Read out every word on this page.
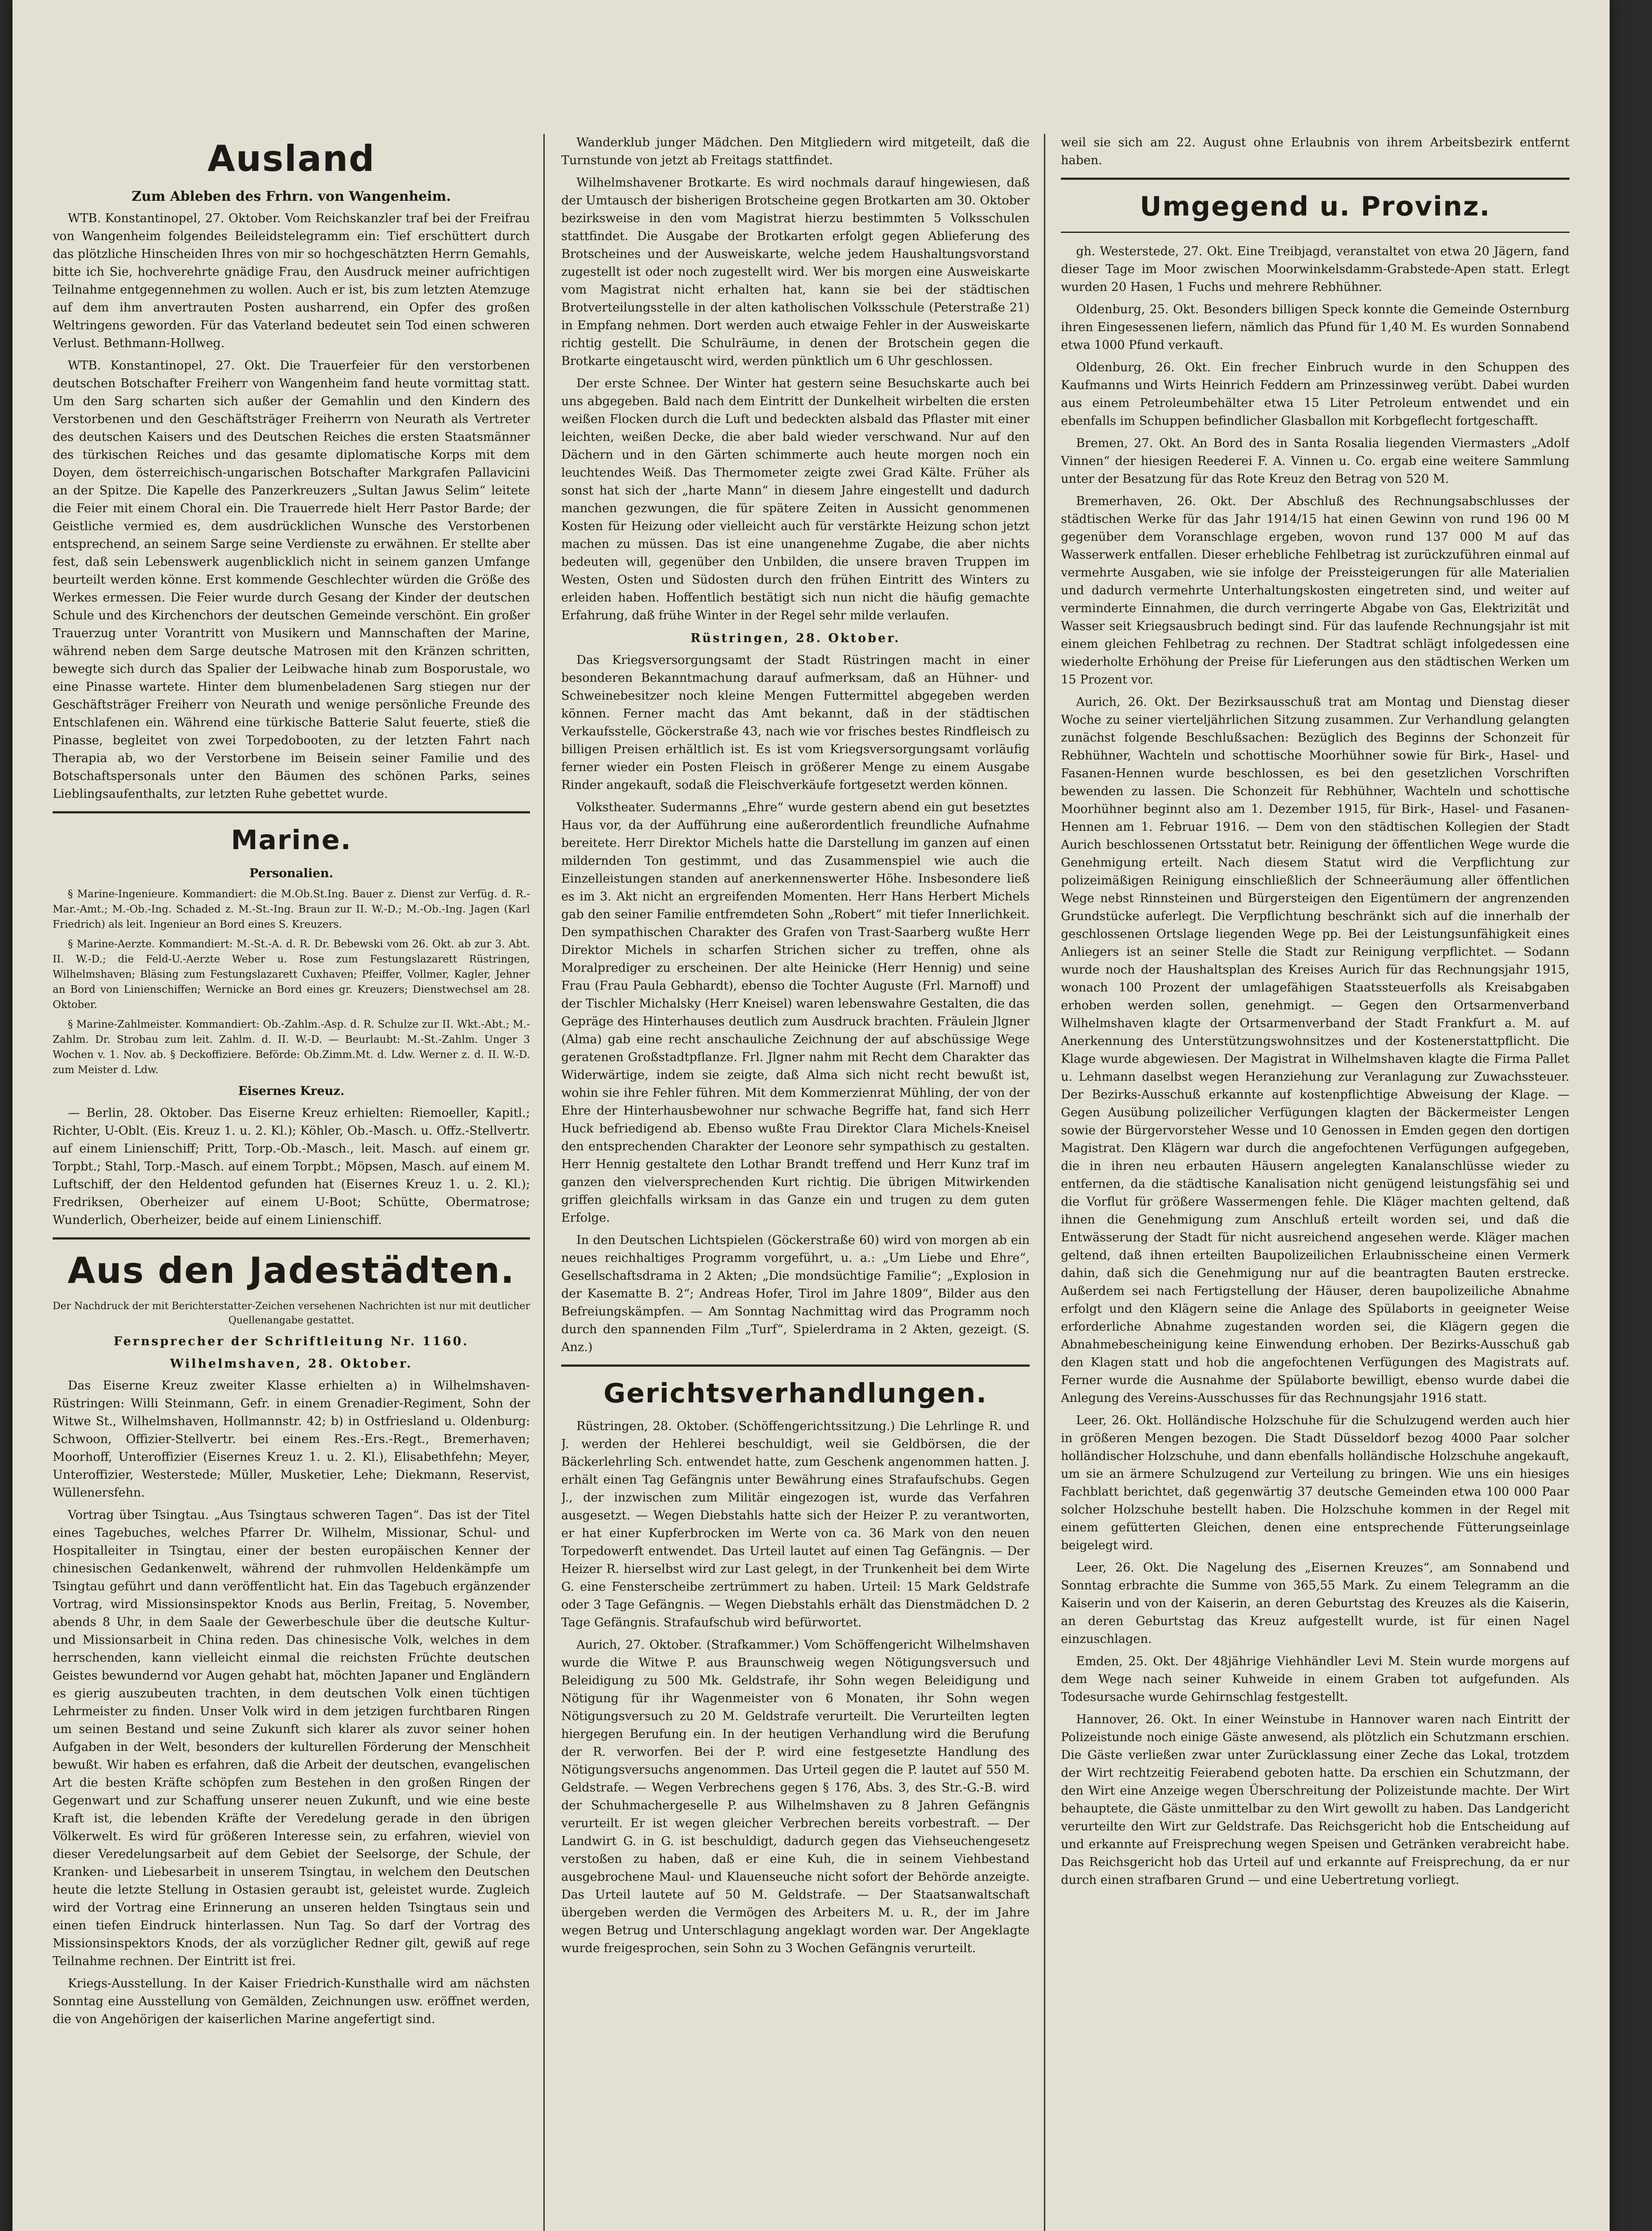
Ausland
Zum Ableben des Frhrn. von Wangenheim.

WTB. Konstantinopel, 27. Oktober. Vom Reichskanzler traf bei der Freifrau von Wangenheim folgendes Beileidstelegramm ein: Tief erschüttert durch das plötzliche Hinscheiden Ihres von mir so hochgeschätzten Herrn Gemahls, bitte ich Sie, hochverehrte gnädige Frau, den Ausdruck meiner aufrichtigen Teilnahme entgegennehmen zu wollen. Auch er ist, bis zum letzten Atemzuge auf dem ihm anvertrauten Posten ausharrend, ein Opfer des großen Weltringens geworden. Für das Vaterland bedeutet sein Tod einen schweren Verlust. Bethmann-Hollweg.

WTB. Konstantinopel, 27. Okt. Die Trauerfeier für den verstorbenen deutschen Botschafter Freiherr von Wangenheim fand heute vormittag statt. Um den Sarg scharten sich außer der Gemahlin und den Kindern des Verstorbenen und den Geschäftsträger Freiherrn von Neurath als Vertreter des deutschen Kaisers und des Deutschen Reiches die ersten Staatsmänner des türkischen Reiches und das gesamte diplomatische Korps mit dem Doyen, dem österreichisch-ungarischen Botschafter Markgrafen Pallavicini an der Spitze. Die Kapelle des Panzerkreuzers „Sultan Jawus Selim“ leitete die Feier mit einem Choral ein. Die Trauerrede hielt Herr Pastor Barde; der Geistliche vermied es, dem ausdrücklichen Wunsche des Verstorbenen entsprechend, an seinem Sarge seine Verdienste zu erwähnen. Er stellte aber fest, daß sein Lebenswerk augenblicklich nicht in seinem ganzen Umfange beurteilt werden könne. Erst kommende Geschlechter würden die Größe des Werkes ermessen. Die Feier wurde durch Gesang der Kinder der deutschen Schule und des Kirchenchors der deutschen Gemeinde verschönt. Ein großer Trauerzug unter Vorantritt von Musikern und Mannschaften der Marine, während neben dem Sarge deutsche Matrosen mit den Kränzen schritten, bewegte sich durch das Spalier der Leibwache hinab zum Bosporustale, wo eine Pinasse wartete. Hinter dem blumenbeladenen Sarg stiegen nur der Geschäftsträger Freiherr von Neurath und wenige persönliche Freunde des Entschlafenen ein. Während eine türkische Batterie Salut feuerte, stieß die Pinasse, begleitet von zwei Torpedobooten, zu der letzten Fahrt nach Therapia ab, wo der Verstorbene im Beisein seiner Familie und des Botschaftspersonals unter den Bäumen des schönen Parks, seines Lieblingsaufenthalts, zur letzten Ruhe gebettet wurde.

Marine.
Personalien.

§ Marine-Ingenieure. Kommandiert: die M.Ob.St.Ing. Bauer z. Dienst zur Verfüg. d. R.-Mar.-Amt.; M.-Ob.-Ing. Schaded z. M.-St.-Ing. Braun zur II. W.-D.; M.-Ob.-Ing. Jagen (Karl Friedrich) als leit. Ingenieur an Bord eines S. Kreuzers.

§ Marine-Aerzte. Kommandiert: M.-St.-A. d. R. Dr. Bebewski vom 26. Okt. ab zur 3. Abt. II. W.-D.; die Feld-U.-Aerzte Weber u. Rose zum Festungslazarett Rüstringen, Wilhelmshaven; Bläsing zum Festungslazarett Cuxhaven; Pfeiffer, Vollmer, Kagler, Jehner an Bord von Linienschiffen; Wernicke an Bord eines gr. Kreuzers; Dienstwechsel am 28. Oktober.

§ Marine-Zahlmeister. Kommandiert: Ob.-Zahlm.-Asp. d. R. Schulze zur II. Wkt.-Abt.; M.-Zahlm. Dr. Strobau zum leit. Zahlm. d. II. W.-D. — Beurlaubt: M.-St.-Zahlm. Unger 3 Wochen v. 1. Nov. ab. § Deckoffiziere. Beförde: Ob.Zimm.Mt. d. Ldw. Werner z. d. II. W.-D. zum Meister d. Ldw.

Eisernes Kreuz.

— Berlin, 28. Oktober. Das Eiserne Kreuz erhielten: Riemoeller, Kapitl.; Richter, U-Oblt. (Eis. Kreuz 1. u. 2. Kl.); Köhler, Ob.-Masch. u. Offz.-Stellvertr. auf einem Linienschiff; Pritt, Torp.-Ob.-Masch., leit. Masch. auf einem gr. Torpbt.; Stahl, Torp.-Masch. auf einem Torpbt.; Möpsen, Masch. auf einem M. Luftschiff, der den Heldentod gefunden hat (Eisernes Kreuz 1. u. 2. Kl.); Fredriksen, Oberheizer auf einem U-Boot; Schütte, Obermatrose; Wunderlich, Oberheizer, beide auf einem Linienschiff.

Aus den Jadestädten.
Der Nachdruck der mit Berichterstatter-Zeichen versehenen Nachrichten ist nur mit deutlicher Quellenangabe gestattet.
Fernsprecher der Schriftleitung Nr. 1160.
Wilhelmshaven, 28. Oktober.

Das Eiserne Kreuz zweiter Klasse erhielten a) in Wilhelmshaven-Rüstringen: Willi Steinmann, Gefr. in einem Grenadier-Regiment, Sohn der Witwe St., Wilhelmshaven, Hollmannstr. 42; b) in Ostfriesland u. Oldenburg: Schwoon, Offizier-Stellvertr. bei einem Res.-Ers.-Regt., Bremerhaven; Moorhoff, Unteroffizier (Eisernes Kreuz 1. u. 2. Kl.), Elisabethfehn; Meyer, Unteroffizier, Westerstede; Müller, Musketier, Lehe; Diekmann, Reservist, Wüllenersfehn.

Vortrag über Tsingtau. „Aus Tsingtaus schweren Tagen“. Das ist der Titel eines Tagebuches, welches Pfarrer Dr. Wilhelm, Missionar, Schul- und Hospitalleiter in Tsingtau, einer der besten europäischen Kenner der chinesischen Gedankenwelt, während der ruhmvollen Heldenkämpfe um Tsingtau geführt und dann veröffentlicht hat. Ein das Tagebuch ergänzender Vortrag, wird Missionsinspektor Knods aus Berlin, Freitag, 5. November, abends 8 Uhr, in dem Saale der Gewerbeschule über die deutsche Kultur- und Missionsarbeit in China reden. Das chinesische Volk, welches in dem herrschenden, kann vielleicht einmal die reichsten Früchte deutschen Geistes bewundernd vor Augen gehabt hat, möchten Japaner und Engländern es gierig auszubeuten trachten, in dem deutschen Volk einen tüchtigen Lehrmeister zu finden. Unser Volk wird in dem jetzigen furchtbaren Ringen um seinen Bestand und seine Zukunft sich klarer als zuvor seiner hohen Aufgaben in der Welt, besonders der kulturellen Förderung der Menschheit bewußt. Wir haben es erfahren, daß die Arbeit der deutschen, evangelischen Art die besten Kräfte schöpfen zum Bestehen in den großen Ringen der Gegenwart und zur Schaffung unserer neuen Zukunft, und wie eine beste Kraft ist, die lebenden Kräfte der Veredelung gerade in den übrigen Völkerwelt. Es wird für größeren Interesse sein, zu erfahren, wieviel von dieser Veredelungsarbeit auf dem Gebiet der Seelsorge, der Schule, der Kranken- und Liebesarbeit in unserem Tsingtau, in welchem den Deutschen heute die letzte Stellung in Ostasien geraubt ist, geleistet wurde. Zugleich wird der Vortrag eine Erinnerung an unseren helden Tsingtaus sein und einen tiefen Eindruck hinterlassen. Nun Tag. So darf der Vortrag des Missionsinspektors Knods, der als vorzüglicher Redner gilt, gewiß auf rege Teilnahme rechnen. Der Eintritt ist frei.

Kriegs-Ausstellung. In der Kaiser Friedrich-Kunsthalle wird am nächsten Sonntag eine Ausstellung von Gemälden, Zeichnungen usw. eröffnet werden, die von Angehörigen der kaiserlichen Marine angefertigt sind.

Wanderklub junger Mädchen. Den Mitgliedern wird mitgeteilt, daß die Turnstunde von jetzt ab Freitags stattfindet.

Wilhelmshavener Brotkarte. Es wird nochmals darauf hingewiesen, daß der Umtausch der bisherigen Brotscheine gegen Brotkarten am 30. Oktober bezirksweise in den vom Magistrat hierzu bestimmten 5 Volksschulen stattfindet. Die Ausgabe der Brotkarten erfolgt gegen Ablieferung des Brotscheines und der Ausweiskarte, welche jedem Haushaltungsvorstand zugestellt ist oder noch zugestellt wird. Wer bis morgen eine Ausweiskarte vom Magistrat nicht erhalten hat, kann sie bei der städtischen Brotverteilungsstelle in der alten katholischen Volksschule (Peterstraße 21) in Empfang nehmen. Dort werden auch etwaige Fehler in der Ausweiskarte richtig gestellt. Die Schulräume, in denen der Brotschein gegen die Brotkarte eingetauscht wird, werden pünktlich um 6 Uhr geschlossen.

Der erste Schnee. Der Winter hat gestern seine Besuchskarte auch bei uns abgegeben. Bald nach dem Eintritt der Dunkelheit wirbelten die ersten weißen Flocken durch die Luft und bedeckten alsbald das Pflaster mit einer leichten, weißen Decke, die aber bald wieder verschwand. Nur auf den Dächern und in den Gärten schimmerte auch heute morgen noch ein leuchtendes Weiß. Das Thermometer zeigte zwei Grad Kälte. Früher als sonst hat sich der „harte Mann“ in diesem Jahre eingestellt und dadurch manchen gezwungen, die für spätere Zeiten in Aussicht genommenen Kosten für Heizung oder vielleicht auch für verstärkte Heizung schon jetzt machen zu müssen. Das ist eine unangenehme Zugabe, die aber nichts bedeuten will, gegenüber den Unbilden, die unsere braven Truppen im Westen, Osten und Südosten durch den frühen Eintritt des Winters zu erleiden haben. Hoffentlich bestätigt sich nun nicht die häufig gemachte Erfahrung, daß frühe Winter in der Regel sehr milde verlaufen.

Rüstringen, 28. Oktober.

Das Kriegsversorgungsamt der Stadt Rüstringen macht in einer besonderen Bekanntmachung darauf aufmerksam, daß an Hühner- und Schweinebesitzer noch kleine Mengen Futtermittel abgegeben werden können. Ferner macht das Amt bekannt, daß in der städtischen Verkaufsstelle, Göckerstraße 43, nach wie vor frisches bestes Rindfleisch zu billigen Preisen erhältlich ist. Es ist vom Kriegsversorgungsamt vorläufig ferner wieder ein Posten Fleisch in größerer Menge zu einem Ausgabe Rinder angekauft, sodaß die Fleischverkäufe fortgesetzt werden können.

Volkstheater. Sudermanns „Ehre“ wurde gestern abend ein gut besetztes Haus vor, da der Aufführung eine außerordentlich freundliche Aufnahme bereitete. Herr Direktor Michels hatte die Darstellung im ganzen auf einen mildernden Ton gestimmt, und das Zusammenspiel wie auch die Einzelleistungen standen auf anerkennenswerter Höhe. Insbesondere ließ es im 3. Akt nicht an ergreifenden Momenten. Herr Hans Herbert Michels gab den seiner Familie entfremdeten Sohn „Robert“ mit tiefer Innerlichkeit. Den sympathischen Charakter des Grafen von Trast-Saarberg wußte Herr Direktor Michels in scharfen Strichen sicher zu treffen, ohne als Moralprediger zu erscheinen. Der alte Heinicke (Herr Hennig) und seine Frau (Frau Paula Gebhardt), ebenso die Tochter Auguste (Frl. Marnoff) und der Tischler Michalsky (Herr Kneisel) waren lebenswahre Gestalten, die das Gepräge des Hinterhauses deutlich zum Ausdruck brachten. Fräulein Jlgner (Alma) gab eine recht anschauliche Zeichnung der auf abschüssige Wege geratenen Großstadtpflanze. Frl. Jlgner nahm mit Recht dem Charakter das Widerwärtige, indem sie zeigte, daß Alma sich nicht recht bewußt ist, wohin sie ihre Fehler führen. Mit dem Kommerzienrat Mühling, der von der Ehre der Hinterhausbewohner nur schwache Begriffe hat, fand sich Herr Huck befriedigend ab. Ebenso wußte Frau Direktor Clara Michels-Kneisel den entsprechenden Charakter der Leonore sehr sympathisch zu gestalten. Herr Hennig gestaltete den Lothar Brandt treffend und Herr Kunz traf im ganzen den vielversprechenden Kurt richtig. Die übrigen Mitwirkenden griffen gleichfalls wirksam in das Ganze ein und trugen zu dem guten Erfolge.

In den Deutschen Lichtspielen (Göckerstraße 60) wird von morgen ab ein neues reichhaltiges Programm vorgeführt, u. a.: „Um Liebe und Ehre“, Gesellschaftsdrama in 2 Akten; „Die mondsüchtige Familie“; „Explosion in der Kasematte B. 2“; Andreas Hofer, Tirol im Jahre 1809“, Bilder aus den Befreiungskämpfen. — Am Sonntag Nachmittag wird das Programm noch durch den spannenden Film „Turf“, Spielerdrama in 2 Akten, gezeigt. (S. Anz.)

Gerichtsverhandlungen.

Rüstringen, 28. Oktober. (Schöffengerichtssitzung.) Die Lehrlinge R. und J. werden der Hehlerei beschuldigt, weil sie Geldbörsen, die der Bäckerlehrling Sch. entwendet hatte, zum Geschenk angenommen hatten. J. erhält einen Tag Gefängnis unter Bewährung eines Strafaufschubs. Gegen J., der inzwischen zum Militär eingezogen ist, wurde das Verfahren ausgesetzt. — Wegen Diebstahls hatte sich der Heizer P. zu verantworten, er hat einer Kupferbrocken im Werte von ca. 36 Mark von den neuen Torpedowerft entwendet. Das Urteil lautet auf einen Tag Gefängnis. — Der Heizer R. hierselbst wird zur Last gelegt, in der Trunkenheit bei dem Wirte G. eine Fensterscheibe zertrümmert zu haben. Urteil: 15 Mark Geldstrafe oder 3 Tage Gefängnis. — Wegen Diebstahls erhält das Dienstmädchen D. 2 Tage Gefängnis. Strafaufschub wird befürwortet.

Aurich, 27. Oktober. (Strafkammer.) Vom Schöffengericht Wilhelmshaven wurde die Witwe P. aus Braunschweig wegen Nötigungsversuch und Beleidigung zu 500 Mk. Geldstrafe, ihr Sohn wegen Beleidigung und Nötigung für ihr Wagenmeister von 6 Monaten, ihr Sohn wegen Nötigungsversuch zu 20 M. Geldstrafe verurteilt. Die Verurteilten legten hiergegen Berufung ein. In der heutigen Verhandlung wird die Berufung der R. verworfen. Bei der P. wird eine festgesetzte Handlung des Nötigungsversuchs angenommen. Das Urteil gegen die P. lautet auf 550 M. Geldstrafe. — Wegen Verbrechens gegen § 176, Abs. 3, des Str.-G.-B. wird der Schuhmachergeselle P. aus Wilhelmshaven zu 8 Jahren Gefängnis verurteilt. Er ist wegen gleicher Verbrechen bereits vorbestraft. — Der Landwirt G. in G. ist beschuldigt, dadurch gegen das Viehseuchengesetz verstoßen zu haben, daß er eine Kuh, die in seinem Viehbestand ausgebrochene Maul- und Klauenseuche nicht sofort der Behörde anzeigte. Das Urteil lautete auf 50 M. Geldstrafe. — Der Staatsanwaltschaft übergeben werden die Vermögen des Arbeiters M. u. R., der im Jahre wegen Betrug und Unterschlagung angeklagt worden war. Der Angeklagte wurde freigesprochen, sein Sohn zu 3 Wochen Gefängnis verurteilt.

weil sie sich am 22. August ohne Erlaubnis von ihrem Arbeitsbezirk entfernt haben.

Umgegend u. Provinz.

gh. Westerstede, 27. Okt. Eine Treibjagd, veranstaltet von etwa 20 Jägern, fand dieser Tage im Moor zwischen Moorwinkelsdamm-Grabstede-Apen statt. Erlegt wurden 20 Hasen, 1 Fuchs und mehrere Rebhühner.

Oldenburg, 25. Okt. Besonders billigen Speck konnte die Gemeinde Osternburg ihren Eingesessenen liefern, nämlich das Pfund für 1,40 M. Es wurden Sonnabend etwa 1000 Pfund verkauft.

Oldenburg, 26. Okt. Ein frecher Einbruch wurde in den Schuppen des Kaufmanns und Wirts Heinrich Feddern am Prinzessinweg verübt. Dabei wurden aus einem Petroleumbehälter etwa 15 Liter Petroleum entwendet und ein ebenfalls im Schuppen befindlicher Glasballon mit Korbgeflecht fortgeschafft.

Bremen, 27. Okt. An Bord des in Santa Rosalia liegenden Viermasters „Adolf Vinnen“ der hiesigen Reederei F. A. Vinnen u. Co. ergab eine weitere Sammlung unter der Besatzung für das Rote Kreuz den Betrag von 520 M.

Bremerhaven, 26. Okt. Der Abschluß des Rechnungsabschlusses der städtischen Werke für das Jahr 1914/15 hat einen Gewinn von rund 196 00 M gegenüber dem Voranschlage ergeben, wovon rund 137 000 M auf das Wasserwerk entfallen. Dieser erhebliche Fehlbetrag ist zurückzuführen einmal auf vermehrte Ausgaben, wie sie infolge der Preissteigerungen für alle Materialien und dadurch vermehrte Unterhaltungskosten eingetreten sind, und weiter auf verminderte Einnahmen, die durch verringerte Abgabe von Gas, Elektrizität und Wasser seit Kriegsausbruch bedingt sind. Für das laufende Rechnungsjahr ist mit einem gleichen Fehlbetrag zu rechnen. Der Stadtrat schlägt infolgedessen eine wiederholte Erhöhung der Preise für Lieferungen aus den städtischen Werken um 15 Prozent vor.

Aurich, 26. Okt. Der Bezirksausschuß trat am Montag und Dienstag dieser Woche zu seiner vierteljährlichen Sitzung zusammen. Zur Verhandlung gelangten zunächst folgende Beschlußsachen: Bezüglich des Beginns der Schonzeit für Rebhühner, Wachteln und schottische Moorhühner sowie für Birk-, Hasel- und Fasanen-Hennen wurde beschlossen, es bei den gesetzlichen Vorschriften bewenden zu lassen. Die Schonzeit für Rebhühner, Wachteln und schottische Moorhühner beginnt also am 1. Dezember 1915, für Birk-, Hasel- und Fasanen-Hennen am 1. Februar 1916. — Dem von den städtischen Kollegien der Stadt Aurich beschlossenen Ortsstatut betr. Reinigung der öffentlichen Wege wurde die Genehmigung erteilt. Nach diesem Statut wird die Verpflichtung zur polizeimäßigen Reinigung einschließlich der Schneeräumung aller öffentlichen Wege nebst Rinnsteinen und Bürgersteigen den Eigentümern der angrenzenden Grundstücke auferlegt. Die Verpflichtung beschränkt sich auf die innerhalb der geschlossenen Ortslage liegenden Wege pp. Bei der Leistungsunfähigkeit eines Anliegers ist an seiner Stelle die Stadt zur Reinigung verpflichtet. — Sodann wurde noch der Haushaltsplan des Kreises Aurich für das Rechnungsjahr 1915, wonach 100 Prozent der umlagefähigen Staatssteuerfolls als Kreisabgaben erhoben werden sollen, genehmigt. — Gegen den Ortsarmenverband Wilhelmshaven klagte der Ortsarmenverband der Stadt Frankfurt a. M. auf Anerkennung des Unterstützungswohnsitzes und der Kostenerstattpflicht. Die Klage wurde abgewiesen. Der Magistrat in Wilhelmshaven klagte die Firma Pallet u. Lehmann daselbst wegen Heranziehung zur Veranlagung zur Zuwachssteuer. Der Bezirks-Ausschuß erkannte auf kostenpflichtige Abweisung der Klage. — Gegen Ausübung polizeilicher Verfügungen klagten der Bäckermeister Lengen sowie der Bürgervorsteher Wesse und 10 Genossen in Emden gegen den dortigen Magistrat. Den Klägern war durch die angefochtenen Verfügungen aufgegeben, die in ihren neu erbauten Häusern angelegten Kanalanschlüsse wieder zu entfernen, da die städtische Kanalisation nicht genügend leistungsfähig sei und die Vorflut für größere Wassermengen fehle. Die Kläger machten geltend, daß ihnen die Genehmigung zum Anschluß erteilt worden sei, und daß die Entwässerung der Stadt für nicht ausreichend angesehen werde. Kläger machen geltend, daß ihnen erteilten Baupolizeilichen Erlaubnisscheine einen Vermerk dahin, daß sich die Genehmigung nur auf die beantragten Bauten erstrecke. Außerdem sei nach Fertigstellung der Häuser, deren baupolizeiliche Abnahme erfolgt und den Klägern seine die Anlage des Spülaborts in geeigneter Weise erforderliche Abnahme zugestanden worden sei, die Klägern gegen die Abnahmebescheinigung keine Einwendung erhoben. Der Bezirks-Ausschuß gab den Klagen statt und hob die angefochtenen Verfügungen des Magistrats auf. Ferner wurde die Ausnahme der Spülaborte bewilligt, ebenso wurde dabei die Anlegung des Vereins-Ausschusses für das Rechnungsjahr 1916 statt.

Leer, 26. Okt. Holländische Holzschuhe für die Schulzugend werden auch hier in größeren Mengen bezogen. Die Stadt Düsseldorf bezog 4000 Paar solcher holländischer Holzschuhe, und dann ebenfalls holländische Holzschuhe angekauft, um sie an ärmere Schulzugend zur Verteilung zu bringen. Wie uns ein hiesiges Fachblatt berichtet, daß gegenwärtig 37 deutsche Gemeinden etwa 100 000 Paar solcher Holzschuhe bestellt haben. Die Holzschuhe kommen in der Regel mit einem gefütterten Gleichen, denen eine entsprechende Fütterungseinlage beigelegt wird.

Leer, 26. Okt. Die Nagelung des „Eisernen Kreuzes“, am Sonnabend und Sonntag erbrachte die Summe von 365,55 Mark. Zu einem Telegramm an die Kaiserin und von der Kaiserin, an deren Geburtstag des Kreuzes als die Kaiserin, an deren Geburtstag das Kreuz aufgestellt wurde, ist für einen Nagel einzuschlagen.

Emden, 25. Okt. Der 48jährige Viehhändler Levi M. Stein wurde morgens auf dem Wege nach seiner Kuhweide in einem Graben tot aufgefunden. Als Todesursache wurde Gehirnschlag festgestellt.

Hannover, 26. Okt. In einer Weinstube in Hannover waren nach Eintritt der Polizeistunde noch einige Gäste anwesend, als plötzlich ein Schutzmann erschien. Die Gäste verließen zwar unter Zurücklassung einer Zeche das Lokal, trotzdem der Wirt rechtzeitig Feierabend geboten hatte. Da erschien ein Schutzmann, der den Wirt eine Anzeige wegen Überschreitung der Polizeistunde machte. Der Wirt behauptete, die Gäste unmittelbar zu den Wirt gewollt zu haben. Das Landgericht verurteilte den Wirt zur Geldstrafe. Das Reichsgericht hob die Entscheidung auf und erkannte auf Freisprechung wegen Speisen und Getränken verabreicht habe. Das Reichsgericht hob das Urteil auf und erkannte auf Freisprechung, da er nur durch einen strafbaren Grund — und eine Uebertretung vorliegt.
